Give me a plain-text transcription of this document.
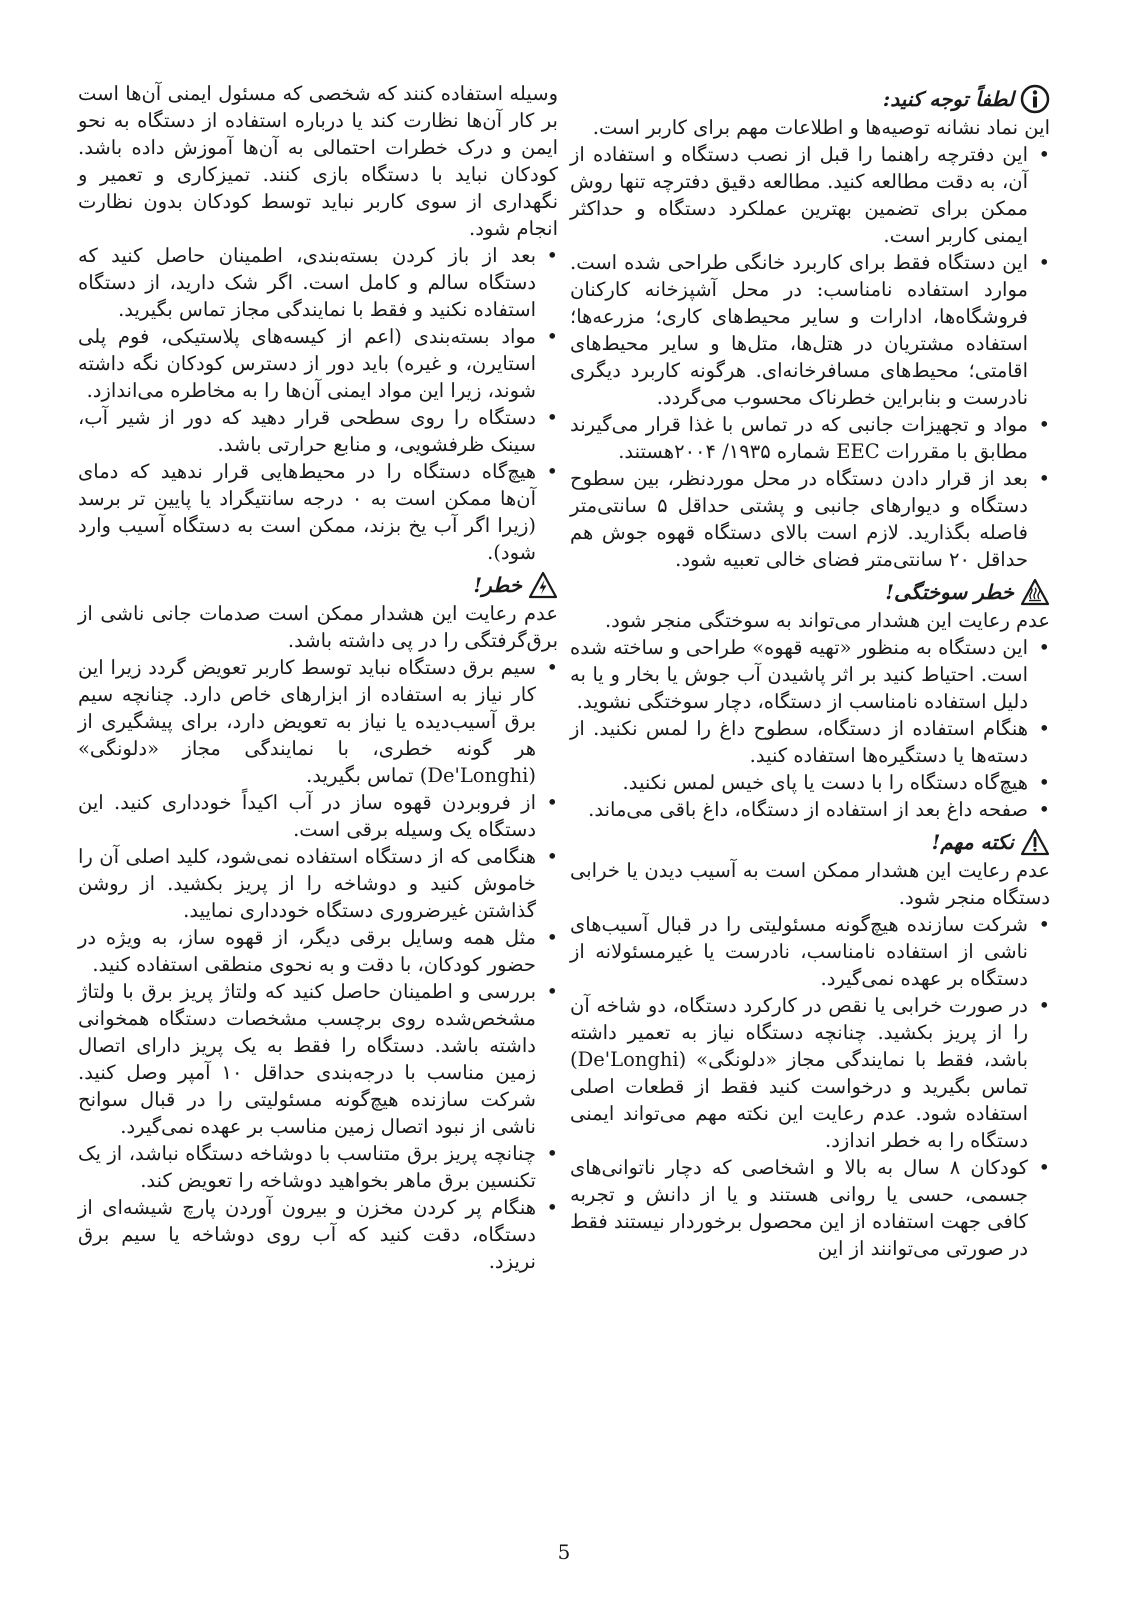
لطفاً توجه کنید:

این نماد نشانه توصیه‌ها و اطلاعات مهم برای کاربر است.

• این دفترچه راهنما را قبل از نصب دستگاه و استفاده از آن، به دقت مطالعه کنید. مطالعه دقیق دفترچه تنها روش ممکن برای تضمین بهترین عملکرد دستگاه و حداکثر ایمنی کاربر است.
• این دستگاه فقط برای کاربرد خانگی طراحی شده است. موارد استفاده نامناسب: در محل آشپزخانه کارکنان فروشگاه‌ها، ادارات و سایر محیط‌های کاری؛ مزرعه‌ها؛ استفاده مشتریان در هتل‌ها، متل‌ها و سایر محیط‌های اقامتی؛ محیط‌های مسافرخانه‌ای. هرگونه کاربرد دیگری نادرست و بنابراین خطرناک محسوب می‌گردد.
• مواد و تجهیزات جانبی که در تماس با غذا قرار می‌گیرند مطابق با مقررات EEC شماره ۱۹۳۵/ ۲۰۰۴هستند.
• بعد از قرار دادن دستگاه در محل موردنظر، بین سطوح دستگاه و دیوارهای جانبی و پشتی حداقل ۵ سانتی‌متر فاصله بگذارید. لازم است بالای دستگاه قهوه جوش هم حداقل ۲۰ سانتی‌متر فضای خالی تعبیه شود.
خطر سوختگی!

عدم رعایت این هشدار می‌تواند به سوختگی منجر شود.

• این دستگاه به منظور «تهیه قهوه» طراحی و ساخته شده است. احتیاط کنید بر اثر پاشیدن آب جوش یا بخار و یا به دلیل استفاده نامناسب از دستگاه، دچار سوختگی نشوید.
• هنگام استفاده از دستگاه، سطوح داغ را لمس نکنید. از دسته‌ها یا دستگیره‌ها استفاده کنید.
• هیچ‌گاه دستگاه را با دست یا پای خیس لمس نکنید.
• صفحه داغ بعد از استفاده از دستگاه، داغ باقی می‌ماند.
نکته مهم!

عدم رعایت این هشدار ممکن است به آسیب دیدن یا خرابی دستگاه منجر شود.

• شرکت سازنده هیچ‌گونه مسئولیتی را در قبال آسیب‌های ناشی از استفاده نامناسب، نادرست یا غیرمسئولانه از دستگاه بر عهده نمی‌گیرد.
• در صورت خرابی یا نقص در کارکرد دستگاه، دو شاخه آن را از پریز بکشید. چنانچه دستگاه نیاز به تعمیر داشته باشد، فقط با نمایندگی مجاز «دلونگی» (De'Longhi) تماس بگیرید و درخواست کنید فقط از قطعات اصلی استفاده شود. عدم رعایت این نکته مهم می‌تواند ایمنی دستگاه را به خطر اندازد.
• کودکان ۸ سال به بالا و اشخاصی که دچار ناتوانی‌های جسمی، حسی یا روانی هستند و یا از دانش و تجربه کافی جهت استفاده از این محصول برخوردار نیستند فقط در صورتی می‌توانند از این

وسیله استفاده کنند که شخصی که مسئول ایمنی آن‌ها است بر کار آن‌ها نظارت کند یا درباره استفاده از دستگاه به نحو ایمن و درک خطرات احتمالی به آن‌ها آموزش داده باشد. کودکان نباید با دستگاه بازی کنند. تمیزکاری و تعمیر و نگهداری از سوی کاربر نباید توسط کودکان بدون نظارت انجام شود.

• بعد از باز کردن بسته‌بندی، اطمینان حاصل کنید که دستگاه سالم و کامل است. اگر شک دارید، از دستگاه استفاده نکنید و فقط با نمایندگی مجاز تماس بگیرید.
• مواد بسته‌بندی (اعم از کیسه‌های پلاستیکی، فوم پلی استایرن، و غیره) باید دور از دسترس کودکان نگه داشته شوند، زیرا این مواد ایمنی آن‌ها را به مخاطره می‌اندازد.
• دستگاه را روی سطحی قرار دهید که دور از شیر آب، سینک ظرفشویی، و منابع حرارتی باشد.
• هیچ‌گاه دستگاه را در محیط‌هایی قرار ندهید که دمای آن‌ها ممکن است به ۰ درجه سانتیگراد یا پایین تر برسد (زیرا اگر آب یخ بزند، ممکن است به دستگاه آسیب وارد شود).
خطر!

عدم رعایت این هشدار ممکن است صدمات جانی ناشی از برق‌گرفتگی را در پی داشته باشد.

• سیم برق دستگاه نباید توسط کاربر تعویض گردد زیرا این کار نیاز به استفاده از ابزارهای خاص دارد. چنانچه سیم برق آسیب‌دیده یا نیاز به تعویض دارد، برای پیشگیری از هر گونه خطری، با نمایندگی مجاز «دلونگی» (De'Longhi) تماس بگیرید.
• از فروبردن قهوه ساز در آب اکیداً خودداری کنید. این دستگاه یک وسیله برقی است.
• هنگامی که از دستگاه استفاده نمی‌شود، کلید اصلی آن را خاموش کنید و دوشاخه را از پریز بکشید. از روشن گذاشتن غیرضروری دستگاه خودداری نمایید.
• مثل همه وسایل برقی دیگر، از قهوه ساز، به ویژه در حضور کودکان، با دقت و به نحوی منطقی استفاده کنید.
• بررسی و اطمینان حاصل کنید که ولتاژ پریز برق با ولتاژ مشخص‌شده روی برچسب مشخصات دستگاه همخوانی داشته باشد. دستگاه را فقط به یک پریز دارای اتصال زمین مناسب با درجه‌بندی حداقل ۱۰ آمپر وصل کنید. شرکت سازنده هیچ‌گونه مسئولیتی را در قبال سوانح ناشی از نبود اتصال زمین مناسب بر عهده نمی‌گیرد.
• چنانچه پریز برق متناسب با دوشاخه دستگاه نباشد، از یک تکنسین برق ماهر بخواهید دوشاخه را تعویض کند.
• هنگام پر کردن مخزن و بیرون آوردن پارچ شیشه‌ای از دستگاه، دقت کنید که آب روی دوشاخه یا سیم برق نریزد.
5
